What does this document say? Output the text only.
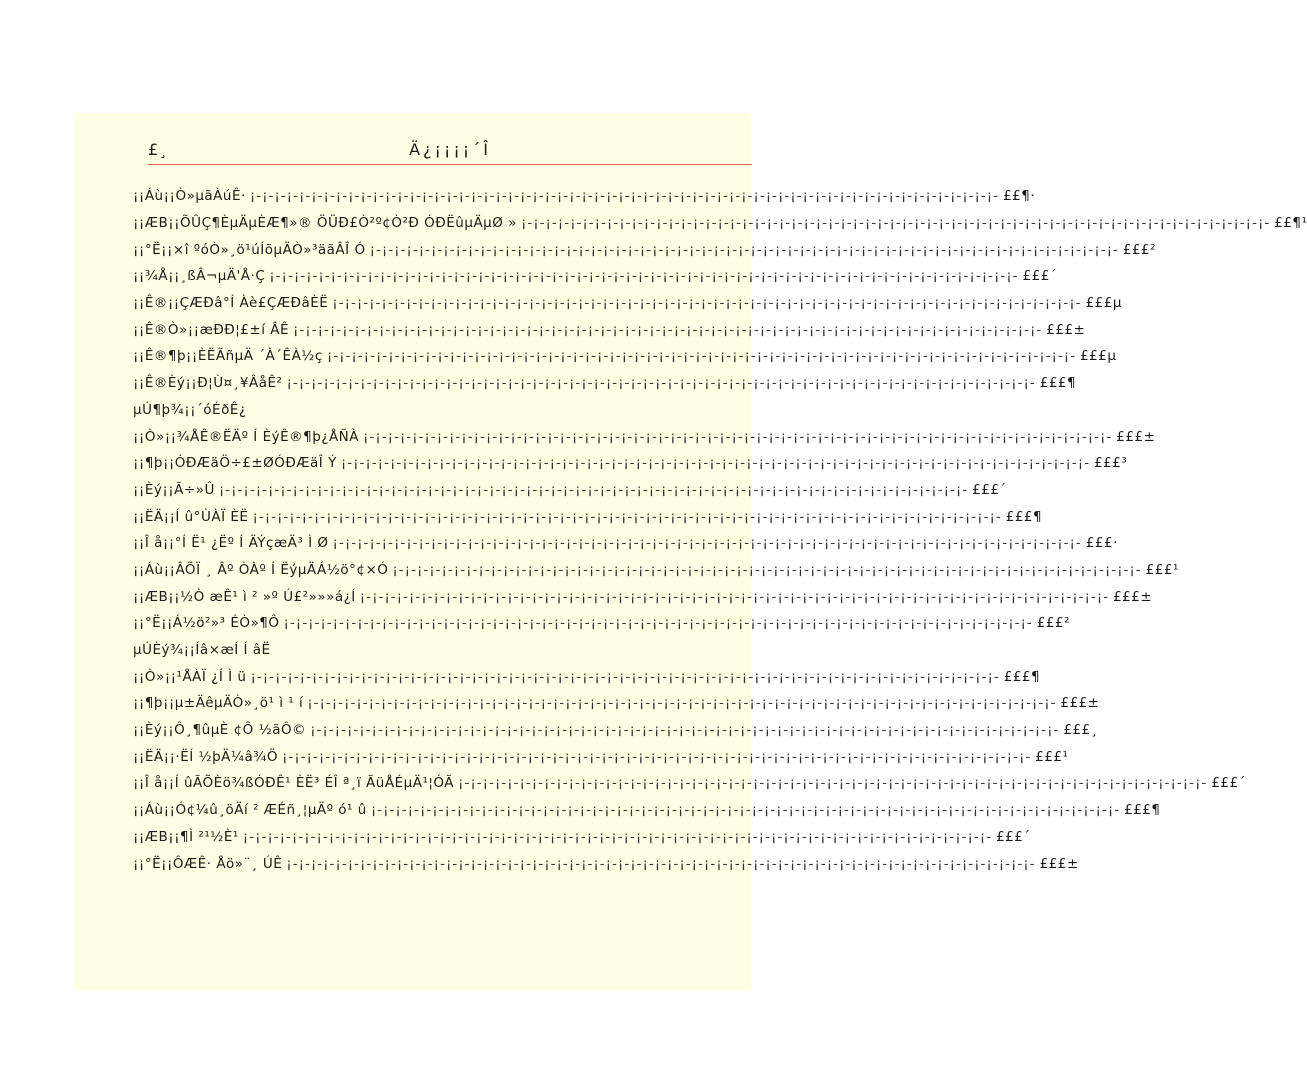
£¸	Ä¿¡¡¡¡´Î
¡¡Áù¡¡Ò»µãÀúÊ· ¡-¡-¡-¡-¡-¡-¡-¡-¡-¡-¡-¡-¡-¡-¡-¡-¡-¡-¡-¡-¡-¡-¡-¡-¡-¡-¡-¡-¡-¡-¡-¡-¡-¡-¡-¡-¡-¡-¡-¡-¡-¡-¡-¡-¡-¡-¡-¡-¡-¡-¡-¡-¡-¡-¡-¡-¡-¡-¡-¡-¡- ££¶·
¡¡ÆB¡¡ÕÛÇ¶ÈµÄµÈÆ¶»® ÖÜÐ£Ò²º¢Ò²Ð ÓÐËûµÄµØ » ¡-¡-¡-¡-¡-¡-¡-¡-¡-¡-¡-¡-¡-¡-¡-¡-¡-¡-¡-¡-¡-¡-¡-¡-¡-¡-¡-¡-¡-¡-¡-¡-¡-¡-¡-¡-¡-¡-¡-¡-¡-¡-¡-¡-¡-¡-¡-¡-¡-¡-¡-¡-¡-¡-¡-¡-¡-¡-¡-¡-¡- ££¶¹
¡¡°Ë¡¡×î ºóÒ»¸ö¹úÍõµÄÒ»³äãÂÎ Ó ¡-¡-¡-¡-¡-¡-¡-¡-¡-¡-¡-¡-¡-¡-¡-¡-¡-¡-¡-¡-¡-¡-¡-¡-¡-¡-¡-¡-¡-¡-¡-¡-¡-¡-¡-¡-¡-¡-¡-¡-¡-¡-¡-¡-¡-¡-¡-¡-¡-¡-¡-¡-¡-¡-¡-¡-¡-¡-¡-¡-¡- £££²
¡¡¾Å¡¡¸ßÂ¬µÄ'Å·Ç ¡-¡-¡-¡-¡-¡-¡-¡-¡-¡-¡-¡-¡-¡-¡-¡-¡-¡-¡-¡-¡-¡-¡-¡-¡-¡-¡-¡-¡-¡-¡-¡-¡-¡-¡-¡-¡-¡-¡-¡-¡-¡-¡-¡-¡-¡-¡-¡-¡-¡-¡-¡-¡-¡-¡-¡-¡-¡-¡-¡-¡- £££´
¡¡Ê®¡¡ÇÆÐâ°Í Àè£ÇÆÐâÈË ¡-¡-¡-¡-¡-¡-¡-¡-¡-¡-¡-¡-¡-¡-¡-¡-¡-¡-¡-¡-¡-¡-¡-¡-¡-¡-¡-¡-¡-¡-¡-¡-¡-¡-¡-¡-¡-¡-¡-¡-¡-¡-¡-¡-¡-¡-¡-¡-¡-¡-¡-¡-¡-¡-¡-¡-¡-¡-¡-¡-¡- £££µ
¡¡Ê®Ò»¡¡æÐÐ¦£±í ÂÊ ¡-¡-¡-¡-¡-¡-¡-¡-¡-¡-¡-¡-¡-¡-¡-¡-¡-¡-¡-¡-¡-¡-¡-¡-¡-¡-¡-¡-¡-¡-¡-¡-¡-¡-¡-¡-¡-¡-¡-¡-¡-¡-¡-¡-¡-¡-¡-¡-¡-¡-¡-¡-¡-¡-¡-¡-¡-¡-¡-¡-¡- £££±
¡¡Ê®¶þ¡¡ÈËÃñµÄ ´À´ÊÀ½ç ¡-¡-¡-¡-¡-¡-¡-¡-¡-¡-¡-¡-¡-¡-¡-¡-¡-¡-¡-¡-¡-¡-¡-¡-¡-¡-¡-¡-¡-¡-¡-¡-¡-¡-¡-¡-¡-¡-¡-¡-¡-¡-¡-¡-¡-¡-¡-¡-¡-¡-¡-¡-¡-¡-¡-¡-¡-¡-¡-¡-¡- £££µ
¡¡Ê®Èý¡¡Ð¦Ù¤¸¥ÂåÊ² ¡-¡-¡-¡-¡-¡-¡-¡-¡-¡-¡-¡-¡-¡-¡-¡-¡-¡-¡-¡-¡-¡-¡-¡-¡-¡-¡-¡-¡-¡-¡-¡-¡-¡-¡-¡-¡-¡-¡-¡-¡-¡-¡-¡-¡-¡-¡-¡-¡-¡-¡-¡-¡-¡-¡-¡-¡-¡-¡-¡-¡- £££¶
µÚ¶þ¾¡¡´óÉðÊ¿
¡¡Ò»¡¡¾ÅÊ®ËÄº Í ÈýÊ®¶þ¿ÅÑÀ ¡-¡-¡-¡-¡-¡-¡-¡-¡-¡-¡-¡-¡-¡-¡-¡-¡-¡-¡-¡-¡-¡-¡-¡-¡-¡-¡-¡-¡-¡-¡-¡-¡-¡-¡-¡-¡-¡-¡-¡-¡-¡-¡-¡-¡-¡-¡-¡-¡-¡-¡-¡-¡-¡-¡-¡-¡-¡-¡-¡-¡- £££±
¡¡¶þ¡¡ÓÐÆäÖ÷£±ØÓÐÆäÎ Ý ¡-¡-¡-¡-¡-¡-¡-¡-¡-¡-¡-¡-¡-¡-¡-¡-¡-¡-¡-¡-¡-¡-¡-¡-¡-¡-¡-¡-¡-¡-¡-¡-¡-¡-¡-¡-¡-¡-¡-¡-¡-¡-¡-¡-¡-¡-¡-¡-¡-¡-¡-¡-¡-¡-¡-¡-¡-¡-¡-¡-¡- £££³
¡¡Èý¡¡Ã÷»Û ¡-¡-¡-¡-¡-¡-¡-¡-¡-¡-¡-¡-¡-¡-¡-¡-¡-¡-¡-¡-¡-¡-¡-¡-¡-¡-¡-¡-¡-¡-¡-¡-¡-¡-¡-¡-¡-¡-¡-¡-¡-¡-¡-¡-¡-¡-¡-¡-¡-¡-¡-¡-¡-¡-¡-¡-¡-¡-¡-¡-¡- £££´
¡¡ËÄ¡¡Í û°ÙÀÏ ÈË ¡-¡-¡-¡-¡-¡-¡-¡-¡-¡-¡-¡-¡-¡-¡-¡-¡-¡-¡-¡-¡-¡-¡-¡-¡-¡-¡-¡-¡-¡-¡-¡-¡-¡-¡-¡-¡-¡-¡-¡-¡-¡-¡-¡-¡-¡-¡-¡-¡-¡-¡-¡-¡-¡-¡-¡-¡-¡-¡-¡-¡- £££¶
¡¡Î å¡¡°Í Ë¹ ¿Ëº Í ÄÝçæÄ³ Ì Ø ¡-¡-¡-¡-¡-¡-¡-¡-¡-¡-¡-¡-¡-¡-¡-¡-¡-¡-¡-¡-¡-¡-¡-¡-¡-¡-¡-¡-¡-¡-¡-¡-¡-¡-¡-¡-¡-¡-¡-¡-¡-¡-¡-¡-¡-¡-¡-¡-¡-¡-¡-¡-¡-¡-¡-¡-¡-¡-¡-¡-¡- £££·
¡¡Áù¡¡ÂÕÏ ¸ Âº ÒÀº Í ËýµÄÁ½ö°¢×Ó ¡-¡-¡-¡-¡-¡-¡-¡-¡-¡-¡-¡-¡-¡-¡-¡-¡-¡-¡-¡-¡-¡-¡-¡-¡-¡-¡-¡-¡-¡-¡-¡-¡-¡-¡-¡-¡-¡-¡-¡-¡-¡-¡-¡-¡-¡-¡-¡-¡-¡-¡-¡-¡-¡-¡-¡-¡-¡-¡-¡-¡- £££¹
¡¡ÆB¡¡½Ò æÊ¹ ì ² »º Ú£²»»»á¿Í ¡-¡-¡-¡-¡-¡-¡-¡-¡-¡-¡-¡-¡-¡-¡-¡-¡-¡-¡-¡-¡-¡-¡-¡-¡-¡-¡-¡-¡-¡-¡-¡-¡-¡-¡-¡-¡-¡-¡-¡-¡-¡-¡-¡-¡-¡-¡-¡-¡-¡-¡-¡-¡-¡-¡-¡-¡-¡-¡-¡-¡- £££±
¡¡°Ë¡¡Á½ö²»³ ÉÒ»¶Ô ¡-¡-¡-¡-¡-¡-¡-¡-¡-¡-¡-¡-¡-¡-¡-¡-¡-¡-¡-¡-¡-¡-¡-¡-¡-¡-¡-¡-¡-¡-¡-¡-¡-¡-¡-¡-¡-¡-¡-¡-¡-¡-¡-¡-¡-¡-¡-¡-¡-¡-¡-¡-¡-¡-¡-¡-¡-¡-¡-¡-¡- £££²
µÚÈý¾¡¡Íâ×æÍ Í âË
¡¡Ò»¡¡¹ÅÀÏ ¿Í Ì ü ¡-¡-¡-¡-¡-¡-¡-¡-¡-¡-¡-¡-¡-¡-¡-¡-¡-¡-¡-¡-¡-¡-¡-¡-¡-¡-¡-¡-¡-¡-¡-¡-¡-¡-¡-¡-¡-¡-¡-¡-¡-¡-¡-¡-¡-¡-¡-¡-¡-¡-¡-¡-¡-¡-¡-¡-¡-¡-¡-¡-¡- £££¶
¡¡¶þ¡¡µ±ÄêµÄÒ»¸ö¹ ì ¹ í ¡-¡-¡-¡-¡-¡-¡-¡-¡-¡-¡-¡-¡-¡-¡-¡-¡-¡-¡-¡-¡-¡-¡-¡-¡-¡-¡-¡-¡-¡-¡-¡-¡-¡-¡-¡-¡-¡-¡-¡-¡-¡-¡-¡-¡-¡-¡-¡-¡-¡-¡-¡-¡-¡-¡-¡-¡-¡-¡-¡-¡- £££±
¡¡Èý¡¡Ô¸¶ûµÈ ¢Ô ½ãÔ© ¡-¡-¡-¡-¡-¡-¡-¡-¡-¡-¡-¡-¡-¡-¡-¡-¡-¡-¡-¡-¡-¡-¡-¡-¡-¡-¡-¡-¡-¡-¡-¡-¡-¡-¡-¡-¡-¡-¡-¡-¡-¡-¡-¡-¡-¡-¡-¡-¡-¡-¡-¡-¡-¡-¡-¡-¡-¡-¡-¡-¡- £££¸
¡¡ËÄ¡¡·ËÍ ½þÄ¼â¾Ö ¡-¡-¡-¡-¡-¡-¡-¡-¡-¡-¡-¡-¡-¡-¡-¡-¡-¡-¡-¡-¡-¡-¡-¡-¡-¡-¡-¡-¡-¡-¡-¡-¡-¡-¡-¡-¡-¡-¡-¡-¡-¡-¡-¡-¡-¡-¡-¡-¡-¡-¡-¡-¡-¡-¡-¡-¡-¡-¡-¡-¡- £££¹
¡¡Î å¡¡Í ûÃÕÈö¾ßÓÐÊ¹ ÈË³ ÉÎ ª¸ï ÃüÅÉµÄ¹¦ÓÃ ¡-¡-¡-¡-¡-¡-¡-¡-¡-¡-¡-¡-¡-¡-¡-¡-¡-¡-¡-¡-¡-¡-¡-¡-¡-¡-¡-¡-¡-¡-¡-¡-¡-¡-¡-¡-¡-¡-¡-¡-¡-¡-¡-¡-¡-¡-¡-¡-¡-¡-¡-¡-¡-¡-¡-¡-¡-¡-¡-¡-¡- £££´
¡¡Áù¡¡Ó¢¼û¸öÄí ² ÆÉñ¸¦µÄº ó¹ û ¡-¡-¡-¡-¡-¡-¡-¡-¡-¡-¡-¡-¡-¡-¡-¡-¡-¡-¡-¡-¡-¡-¡-¡-¡-¡-¡-¡-¡-¡-¡-¡-¡-¡-¡-¡-¡-¡-¡-¡-¡-¡-¡-¡-¡-¡-¡-¡-¡-¡-¡-¡-¡-¡-¡-¡-¡-¡-¡-¡-¡- £££¶
¡¡ÆB¡¡¶Ì ²¹½È¹ ¡-¡-¡-¡-¡-¡-¡-¡-¡-¡-¡-¡-¡-¡-¡-¡-¡-¡-¡-¡-¡-¡-¡-¡-¡-¡-¡-¡-¡-¡-¡-¡-¡-¡-¡-¡-¡-¡-¡-¡-¡-¡-¡-¡-¡-¡-¡-¡-¡-¡-¡-¡-¡-¡-¡-¡-¡-¡-¡-¡-¡- £££´
¡¡°Ë¡¡ÔÆÊ· Åö»¨¸ ÚÊ ¡-¡-¡-¡-¡-¡-¡-¡-¡-¡-¡-¡-¡-¡-¡-¡-¡-¡-¡-¡-¡-¡-¡-¡-¡-¡-¡-¡-¡-¡-¡-¡-¡-¡-¡-¡-¡-¡-¡-¡-¡-¡-¡-¡-¡-¡-¡-¡-¡-¡-¡-¡-¡-¡-¡-¡-¡-¡-¡-¡-¡- £££±
